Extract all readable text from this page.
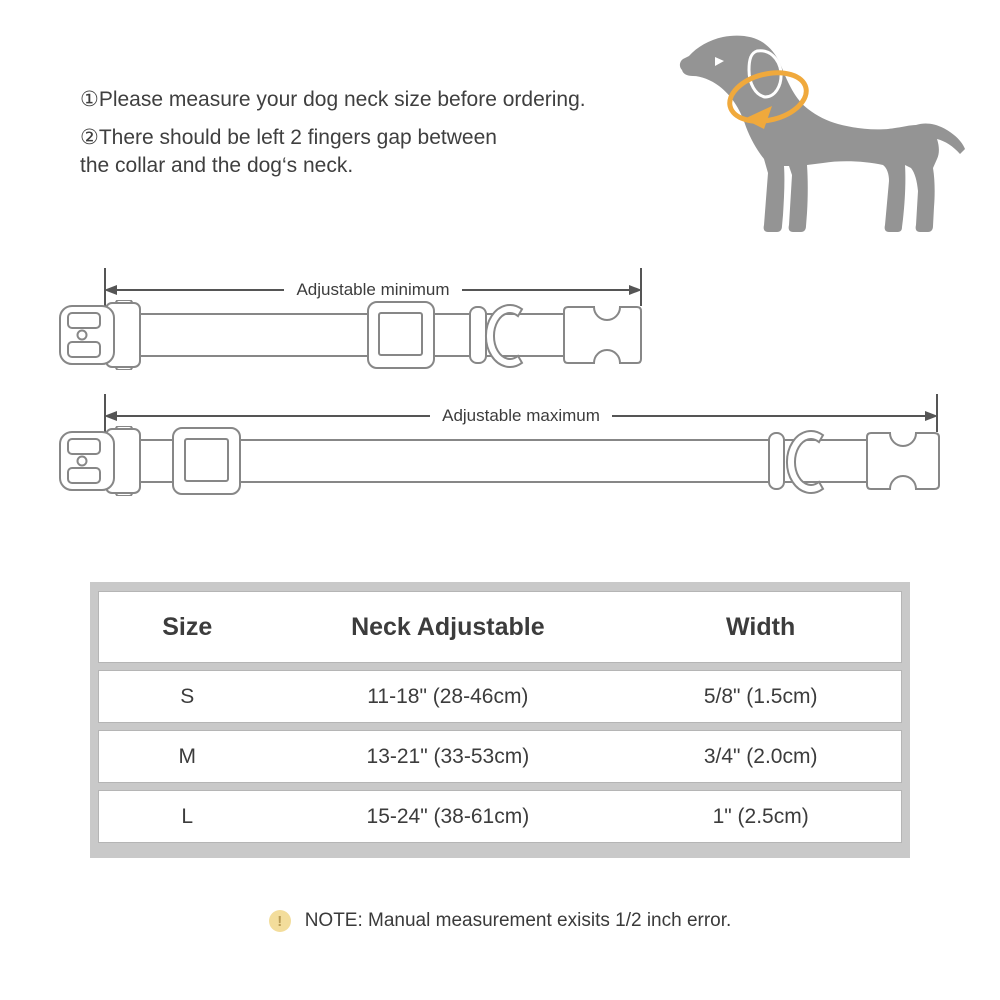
①Please measure your dog neck size before ordering.

②There should be left 2 fingers gap between
the collar and the dog‘s neck.

Adjustable minimum
Adjustable maximum
Size	Neck Adjustable	Width
S	11-18" (28-46cm)	5/8" (1.5cm)
M	13-21" (33-53cm)	3/4" (2.0cm)
L	15-24" (38-61cm)	1" (2.5cm)
!	NOTE: Manual measurement exisits 1/2 inch error.
